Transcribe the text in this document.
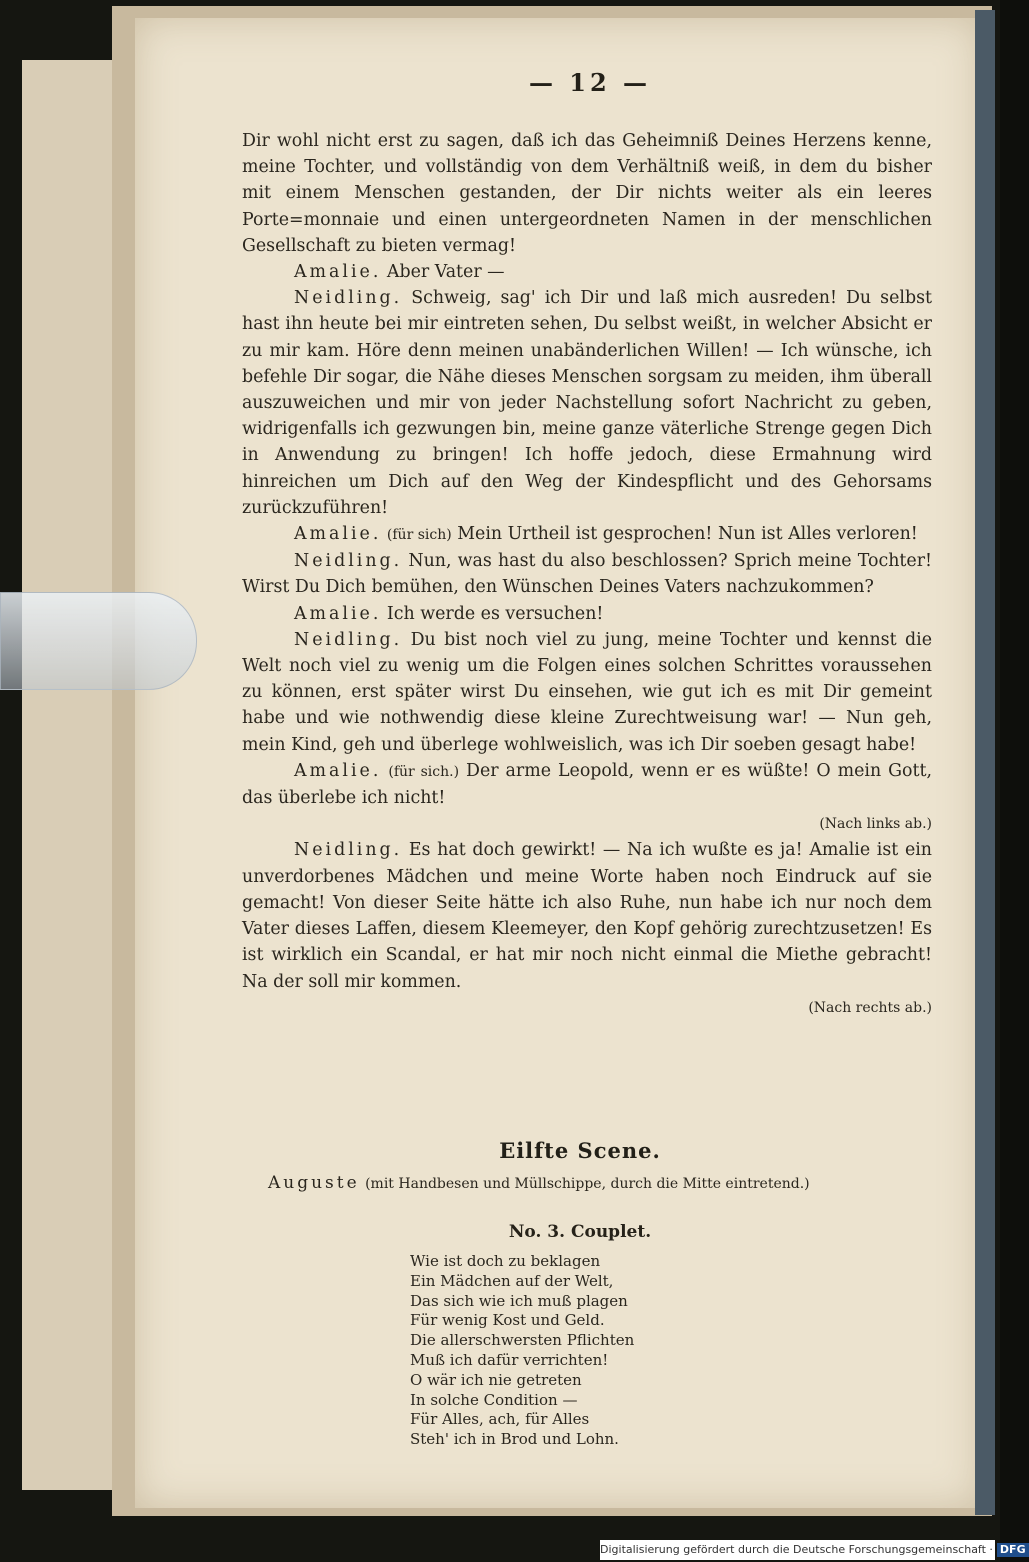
— 12 —

Dir wohl nicht erst zu sagen, daß ich das Geheimniß Deines Herzens kenne, meine Tochter, und vollständig von dem Verhältniß weiß, in dem du bisher mit einem Menschen gestanden, der Dir nichts weiter als ein leeres Porte=monnaie und einen untergeordneten Namen in der menschlichen Gesellschaft zu bieten vermag!

Amalie. Aber Vater —

Neidling. Schweig, sag' ich Dir und laß mich ausreden! Du selbst hast ihn heute bei mir eintreten sehen, Du selbst weißt, in welcher Absicht er zu mir kam. Höre denn meinen unabänderlichen Willen! — Ich wünsche, ich befehle Dir sogar, die Nähe dieses Menschen sorgsam zu meiden, ihm überall auszuweichen und mir von jeder Nachstellung sofort Nachricht zu geben, widrigenfalls ich gezwungen bin, meine ganze väterliche Strenge gegen Dich in Anwendung zu bringen! Ich hoffe jedoch, diese Ermahnung wird hinreichen um Dich auf den Weg der Kindespflicht und des Gehorsams zurückzuführen!

Amalie. (für sich) Mein Urtheil ist gesprochen! Nun ist Alles verloren!

Neidling. Nun, was hast du also beschlossen? Sprich meine Tochter! Wirst Du Dich bemühen, den Wünschen Deines Vaters nachzukommen?

Amalie. Ich werde es versuchen!

Neidling. Du bist noch viel zu jung, meine Tochter und kennst die Welt noch viel zu wenig um die Folgen eines solchen Schrittes voraussehen zu können, erst später wirst Du einsehen, wie gut ich es mit Dir gemeint habe und wie nothwendig diese kleine Zurechtweisung war! — Nun geh, mein Kind, geh und überlege wohlweislich, was ich Dir soeben gesagt habe!

Amalie. (für sich.) Der arme Leopold, wenn er es wüßte! O mein Gott, das überlebe ich nicht!

(Nach links ab.)

Neidling. Es hat doch gewirkt! — Na ich wußte es ja! Amalie ist ein unverdorbenes Mädchen und meine Worte haben noch Eindruck auf sie gemacht! Von dieser Seite hätte ich also Ruhe, nun habe ich nur noch dem Vater dieses Laffen, diesem Kleemeyer, den Kopf gehörig zurechtzusetzen! Es ist wirklich ein Scandal, er hat mir noch nicht einmal die Miethe gebracht! Na der soll mir kommen.

(Nach rechts ab.)

Eilfte Scene.
Auguste (mit Handbesen und Müllschippe, durch die Mitte eintretend.)
No. 3. Couplet.
Wie ist doch zu beklagen
Ein Mädchen auf der Welt,
Das sich wie ich muß plagen
Für wenig Kost und Geld.
Die allerschwersten Pflichten
Muß ich dafür verrichten!
O wär ich nie getreten
In solche Condition —
Für Alles, ach, für Alles
Steh' ich in Brod und Lohn.
Digitalisierung gefördert durch die Deutsche Forschungsgemeinschaft · DFG
